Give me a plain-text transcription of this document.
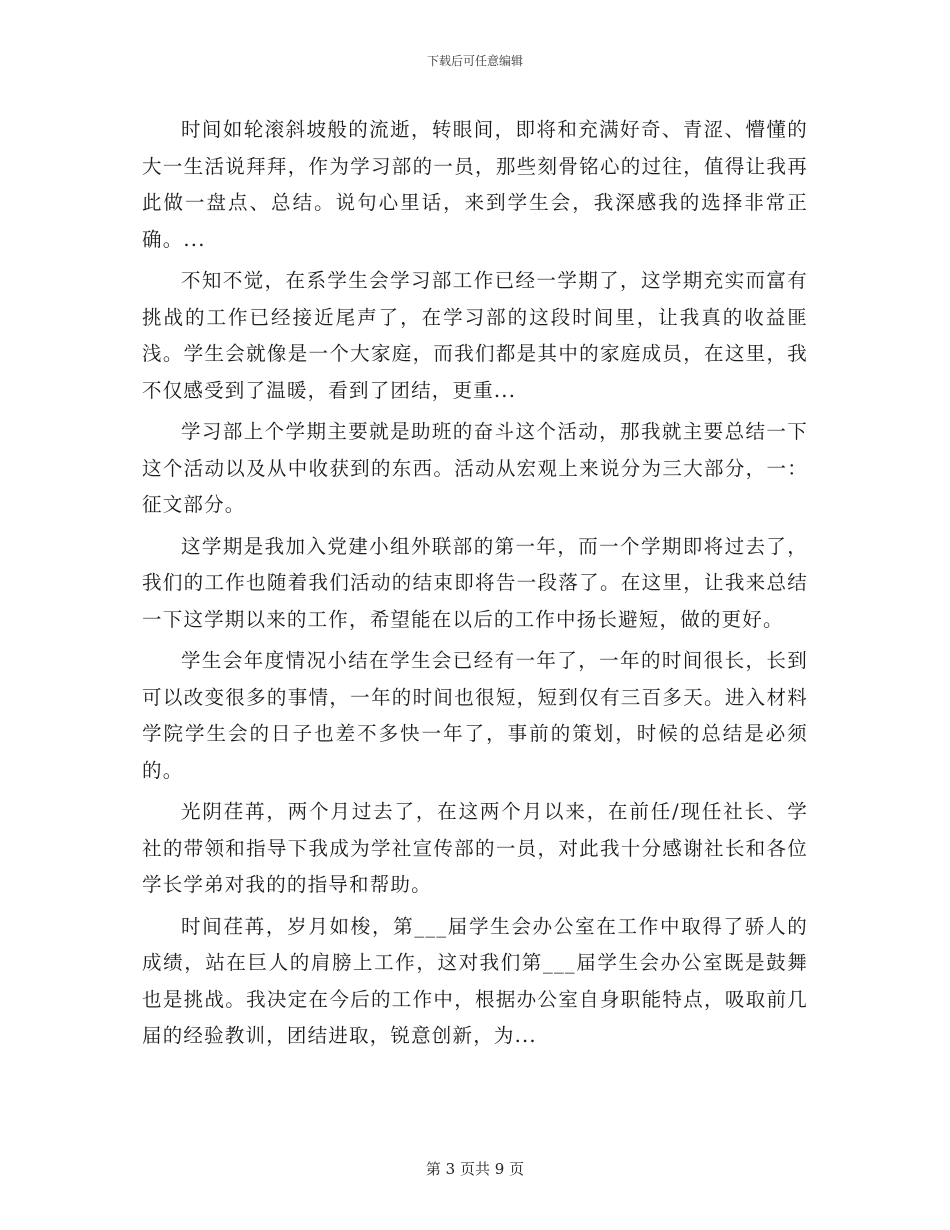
下载后可任意编辑

时间如轮滚斜坡般的流逝，转眼间，即将和充满好奇、青涩、懵懂的大一生活说拜拜，作为学习部的一员，那些刻骨铭心的过往，值得让我再此做一盘点、总结。说句心里话，来到学生会，我深感我的选择非常正确。...

不知不觉，在系学生会学习部工作已经一学期了，这学期充实而富有挑战的工作已经接近尾声了，在学习部的这段时间里，让我真的收益匪浅。学生会就像是一个大家庭，而我们都是其中的家庭成员，在这里，我不仅感受到了温暖，看到了团结，更重...

学习部上个学期主要就是助班的奋斗这个活动，那我就主要总结一下这个活动以及从中收获到的东西。活动从宏观上来说分为三大部分，一：征文部分。

这学期是我加入党建小组外联部的第一年，而一个学期即将过去了，我们的工作也随着我们活动的结束即将告一段落了。在这里，让我来总结一下这学期以来的工作，希望能在以后的工作中扬长避短，做的更好。

学生会年度情况小结在学生会已经有一年了，一年的时间很长，长到可以改变很多的事情，一年的时间也很短，短到仅有三百多天。进入材料学院学生会的日子也差不多快一年了，事前的策划，时候的总结是必须的。

光阴荏苒，两个月过去了，在这两个月以来，在前任/现任社长、学社的带领和指导下我成为学社宣传部的一员，对此我十分感谢社长和各位学长学弟对我的的指导和帮助。

时间荏苒，岁月如梭，第___届学生会办公室在工作中取得了骄人的成绩，站在巨人的肩膀上工作，这对我们第___届学生会办公室既是鼓舞也是挑战。我决定在今后的工作中，根据办公室自身职能特点，吸取前几届的经验教训，团结进取，锐意创新，为...

第 3 页共 9 页
